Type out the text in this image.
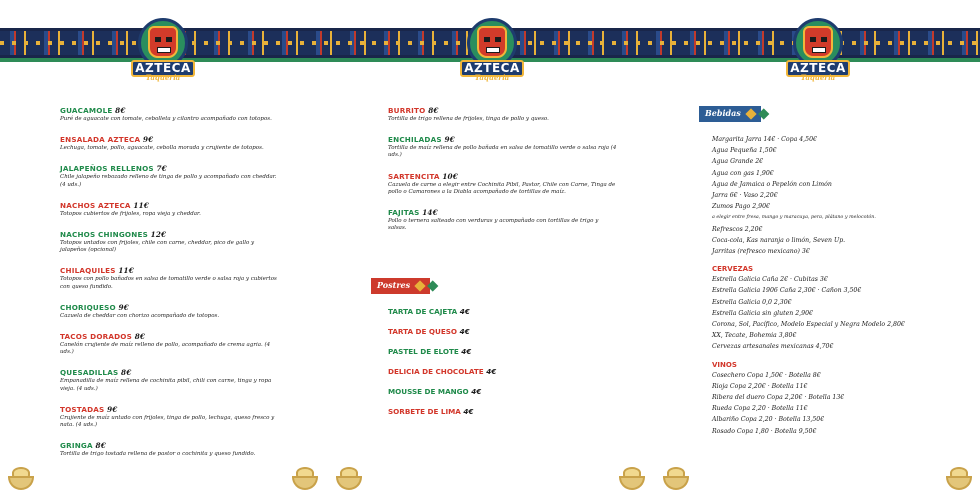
AZTECA
Taquería
AZTECA
Taquería
AZTECA
Taquería
GUACAMOLE 8€
Puré de aguacate con tomate, cebolleta y cilantro acompañado con totopos.
ENSALADA AZTECA 9€
Lechuga, tomate, pollo, aguacate, cebolla morada y crujiente de totopos.
JALAPEÑOS RELLENOS 7€
Chile jalapeño rebozado relleno de tinga de pollo y acompañado con cheddar. (4 uds.)
NACHOS AZTECA 11€
Totopos cubiertos de frijoles, ropa vieja y cheddar.
NACHOS CHINGONES 12€
Totopos untados con frijoles, chile con carne, cheddar, pico de gallo y jalapeños (opcional)
CHILAQUILES 11€
Totopos con pollo bañados en salsa de tomatillo verde o salsa roja y cubiertos con queso fundido.
CHORIQUESO 9€
Cazuela de cheddar con chorizo acompañado de totopos.
TACOS DORADOS 8€
Canelón crujiente de maíz relleno de pollo, acompañado de crema agria. (4 uds.)
QUESADILLAS 8€
Empanadilla de maíz rellena de cochinita pibil, chili con carne, tinga y ropa vieja. (4 uds.)
TOSTADAS 9€
Crujiente de maíz untado con frijoles, tinga de pollo, lechuga, queso fresco y nata. (4 uds.)
GRINGA 8€
Tortilla de trigo tostada rellena de pastor o cochinita y queso fundido.
BURRITO 8€
Tortilla de trigo rellena de frijoles, tinga de pollo y queso.
ENCHILADAS 9€
Tortilla de maíz rellena de pollo bañada en salsa de tomatillo verde o salsa roja (4 uds.)
SARTENCITA 10€
Cazuela de carne a elegir entre Cochinita Pibil, Pastor, Chile con Carne, Tinga de pollo o Camarones a la Diabla acompañado de tortillas de maíz.
FAJITAS 14€
Pollo o ternera salteado con verduras y acompañado con tortillas de trigo y salsas.
Postres
TARTA DE CAJETA 4€
TARTA DE QUESO 4€
PASTEL DE ELOTE 4€
DELICIA DE CHOCOLATE 4€
MOUSSE DE MANGO 4€
SORBETE DE LIMA 4€
Bebidas
Margarita Jarra 14€ · Copa 4,50€
Agua Pequeña 1,50€
Agua Grande 2€
Agua con gas 1,90€
Agua de Jamaica o Pepelón con Limón
Jarra 6€ · Vaso 2,20€
Zumos Pago 2,90€
a elegir entre fresa, mango y maracuya, pera, plátano y melocotón.
Refrescos 2,20€
Coca-cola, Kas naranja o limón, Seven Up.
Jarritas (refresco mexicano) 3€
CERVEZAS
Estrella Galicia Caña 2€ · Cubitas 3€
Estrella Galicia 1906 Caña 2,30€ · Cañon 3,50€
Estrella Galicia 0,0 2,30€
Estrella Galicia sin gluten 2,90€
Corona, Sol, Pacífico, Modelo Especial y Negra Modelo 2,80€
XX, Tecate, Bohemia 3,80€
Cervezas artesanales mexicanas 4,70€
VINOS
Cosechero Copa 1,50€ · Botella 8€
Rioja Copa 2,20€ · Botella 11€
Ribera del duero Copa 2,20€ · Botella 13€
Rueda Copa 2,20 · Botella 11€
Albariño Copa 2,20 · Botella 13,50€
Rosado Copa 1,80 · Botella 9,50€
